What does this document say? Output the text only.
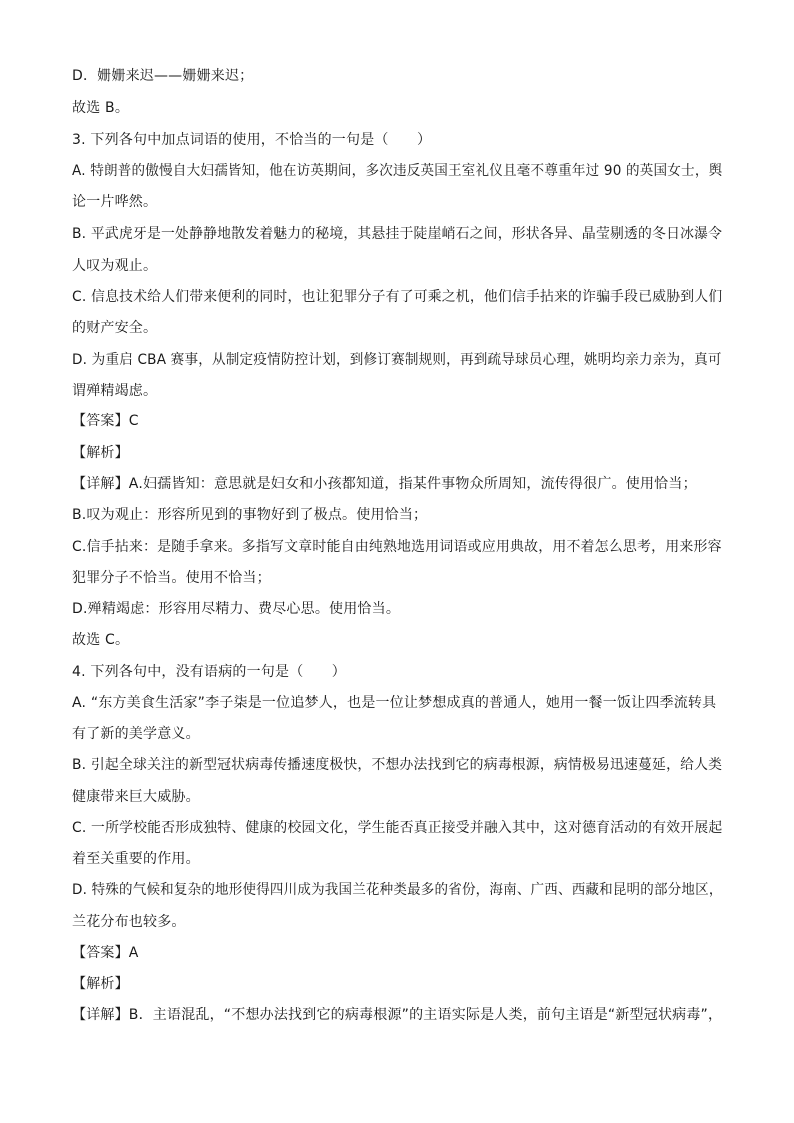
D．姗姗来迟——姗姗来迟；
故选 B。
3. 下列各句中加点词语的使用，不恰当的一句是（　　）
A. 特朗普的傲慢自大妇孺皆知，他在访英期间，多次违反英国王室礼仪且毫不尊重年过 90 的英国女士，舆
论一片哗然。
B. 平武虎牙是一处静静地散发着魅力的秘境，其悬挂于陡崖峭石之间，形状各异、晶莹剔透的冬日冰瀑令
人叹为观止。
C. 信息技术给人们带来便利的同时，也让犯罪分子有了可乘之机，他们信手拈来的诈骗手段已威胁到人们
的财产安全。
D. 为重启 CBA 赛事，从制定疫情防控计划，到修订赛制规则，再到疏导球员心理，姚明均亲力亲为，真可
谓殚精竭虑。
【答案】C
【解析】
【详解】A.妇孺皆知：意思就是妇女和小孩都知道，指某件事物众所周知，流传得很广。使用恰当；
B.叹为观止：形容所见到的事物好到了极点。使用恰当；
C.信手拈来：是随手拿来。多指写文章时能自由纯熟地选用词语或应用典故，用不着怎么思考，用来形容
犯罪分子不恰当。使用不恰当；
D.殚精竭虑：形容用尽精力、费尽心思。使用恰当。
故选 C。
4. 下列各句中，没有语病的一句是（　　）
A. “东方美食生活家”李子柒是一位追梦人，也是一位让梦想成真的普通人，她用一餐一饭让四季流转具
有了新的美学意义。
B. 引起全球关注的新型冠状病毒传播速度极快，不想办法找到它的病毒根源，病情极易迅速蔓延，给人类
健康带来巨大威胁。
C. 一所学校能否形成独特、健康的校园文化，学生能否真正接受并融入其中，这对德育活动的有效开展起
着至关重要的作用。
D. 特殊的气候和复杂的地形使得四川成为我国兰花种类最多的省份，海南、广西、西藏和昆明的部分地区，
兰花分布也较多。
【答案】A
【解析】
【详解】B．主语混乱，“不想办法找到它的病毒根源”的主语实际是人类，前句主语是“新型冠状病毒”，
